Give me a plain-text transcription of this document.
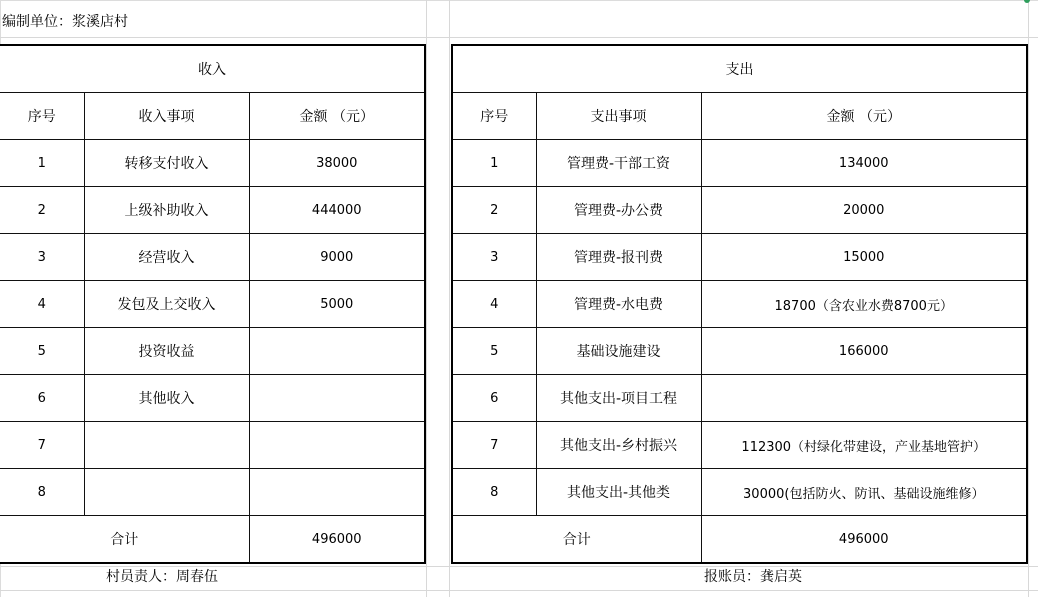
编制单位：浆溪店村
收入		
序号	收入事项	金额 （元）
1	转移支付收入	38000
2	上级补助收入	444000
3	经营收入	9000
4	发包及上交收入	5000
5	投资收益	
6	其他收入	
7		
8		
合计		496000
支出		
序号	支出事项	金额 （元）
1	管理费-干部工资	134000
2	管理费-办公费	20000
3	管理费-报刊费	15000
4	管理费-水电费	18700（含农业水费8700元）
5	基础设施建设	166000
6	其他支出-项目工程	
7	其他支出-乡村振兴	112300（村绿化带建设，产业基地管护）
8	其他支出-其他类	30000(包括防火、防讯、基础设施维修）
合计		496000
村员责人：周春伍	报账员：龚启英
